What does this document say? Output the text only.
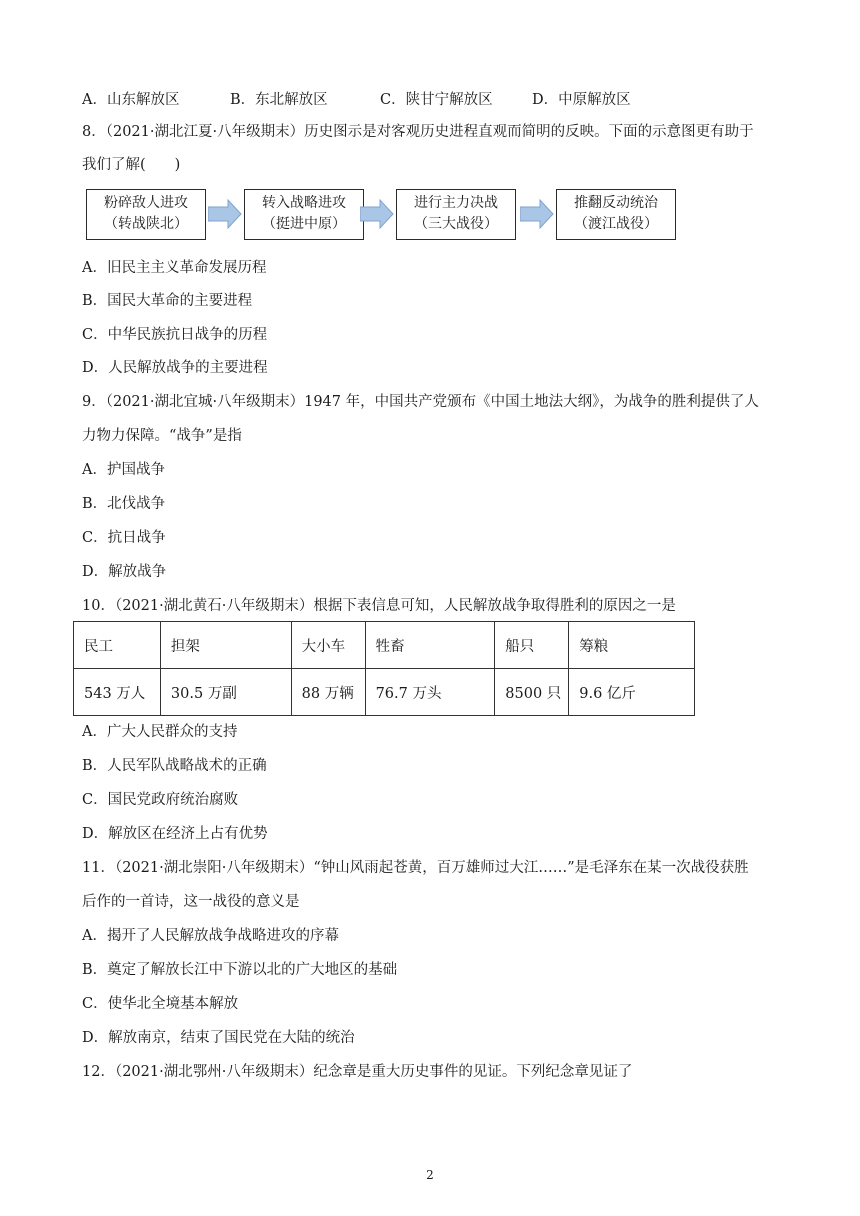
A．山东解放区	B．东北解放区	C．陕甘宁解放区	D．中原解放区
8．（2021·湖北江夏·八年级期末）历史图示是对客观历史进程直观而简明的反映。下面的示意图更有助于
我们了解(　　)
粉碎敌人进攻
（转战陕北）
转入战略进攻
（挺进中原）
进行主力决战
（三大战役）
推翻反动统治
（渡江战役）
A．旧民主主义革命发展历程
B．国民大革命的主要进程
C．中华民族抗日战争的历程
D．人民解放战争的主要进程
9．（2021·湖北宜城·八年级期末）1947 年，中国共产党颁布《中国土地法大纲》，为战争的胜利提供了人
力物力保障。“战争”是指
A．护国战争
B．北伐战争
C．抗日战争
D．解放战争
10．（2021·湖北黄石·八年级期末）根据下表信息可知，人民解放战争取得胜利的原因之一是
民工	担架	大小车	牲畜	船只	筹粮
543 万人	30.5 万副	88 万辆	76.7 万头	8500 只	9.6 亿斤
A．广大人民群众的支持
B．人民军队战略战术的正确
C．国民党政府统治腐败
D．解放区在经济上占有优势
11．（2021·湖北崇阳·八年级期末）“钟山风雨起苍黄，百万雄师过大江……”是毛泽东在某一次战役获胜
后作的一首诗，这一战役的意义是
A．揭开了人民解放战争战略进攻的序幕
B．奠定了解放长江中下游以北的广大地区的基础
C．使华北全境基本解放
D．解放南京，结束了国民党在大陆的统治
12．（2021·湖北鄂州·八年级期末）纪念章是重大历史事件的见证。下列纪念章见证了
2
